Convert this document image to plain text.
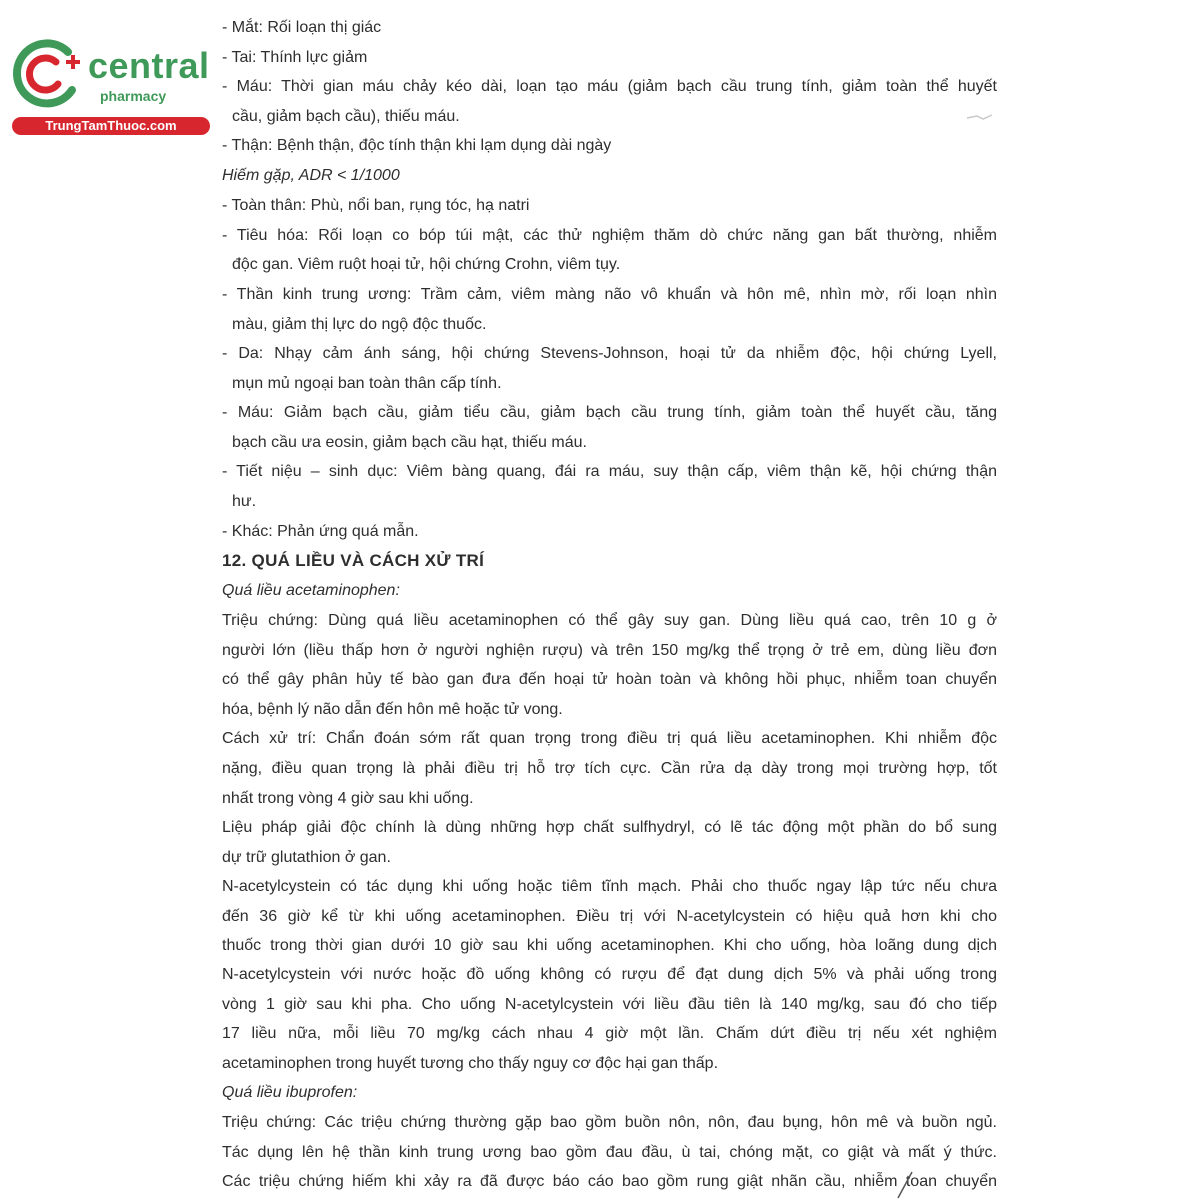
central
pharmacy
TrungTamThuoc.com
- Mắt: Rối loạn thị giác
- Tai: Thính lực giảm
- Máu: Thời gian máu chảy kéo dài, loạn tạo máu (giảm bạch cầu trung tính, giảm toàn thể huyết
cầu, giảm bạch cầu), thiếu máu.
- Thận: Bệnh thận, độc tính thận khi lạm dụng dài ngày
Hiếm gặp, ADR < 1/1000
- Toàn thân: Phù, nổi ban, rụng tóc, hạ natri
- Tiêu hóa: Rối loạn co bóp túi mật, các thử nghiệm thăm dò chức năng gan bất thường, nhiễm
độc gan. Viêm ruột hoại tử, hội chứng Crohn, viêm tụy.
- Thần kinh trung ương: Trầm cảm, viêm màng não vô khuẩn và hôn mê, nhìn mờ, rối loạn nhìn
màu, giảm thị lực do ngộ độc thuốc.
- Da: Nhạy cảm ánh sáng, hội chứng Stevens-Johnson, hoại tử da nhiễm độc, hội chứng Lyell,
mụn mủ ngoại ban toàn thân cấp tính.
- Máu: Giảm bạch cầu, giảm tiểu cầu, giảm bạch cầu trung tính, giảm toàn thể huyết cầu, tăng
bạch cầu ưa eosin, giảm bạch cầu hạt, thiếu máu.
- Tiết niệu – sinh dục: Viêm bàng quang, đái ra máu, suy thận cấp, viêm thận kẽ, hội chứng thận
hư.
- Khác: Phản ứng quá mẫn.
12. QUÁ LIỀU VÀ CÁCH XỬ TRÍ
Quá liều acetaminophen:
Triệu chứng: Dùng quá liều acetaminophen có thể gây suy gan. Dùng liều quá cao, trên 10 g ở
người lớn (liều thấp hơn ở người nghiện rượu) và trên 150 mg/kg thể trọng ở trẻ em, dùng liều đơn
có thể gây phân hủy tế bào gan đưa đến hoại tử hoàn toàn và không hồi phục, nhiễm toan chuyển
hóa, bệnh lý não dẫn đến hôn mê hoặc tử vong.
Cách xử trí: Chẩn đoán sớm rất quan trọng trong điều trị quá liều acetaminophen. Khi nhiễm độc
nặng, điều quan trọng là phải điều trị hỗ trợ tích cực. Cần rửa dạ dày trong mọi trường hợp, tốt
nhất trong vòng 4 giờ sau khi uống.
Liệu pháp giải độc chính là dùng những hợp chất sulfhydryl, có lẽ tác động một phần do bổ sung
dự trữ glutathion ở gan.
N-acetylcystein có tác dụng khi uống hoặc tiêm tĩnh mạch. Phải cho thuốc ngay lập tức nếu chưa
đến 36 giờ kể từ khi uống acetaminophen. Điều trị với N-acetylcystein có hiệu quả hơn khi cho
thuốc trong thời gian dưới 10 giờ sau khi uống acetaminophen. Khi cho uống, hòa loãng dung dịch
N-acetylcystein với nước hoặc đồ uống không có rượu để đạt dung dịch 5% và phải uống trong
vòng 1 giờ sau khi pha. Cho uống N-acetylcystein với liều đầu tiên là 140 mg/kg, sau đó cho tiếp
17 liều nữa, mỗi liều 70 mg/kg cách nhau 4 giờ một lần. Chấm dứt điều trị nếu xét nghiệm
acetaminophen trong huyết tương cho thấy nguy cơ độc hại gan thấp.
Quá liều ibuprofen:
Triệu chứng: Các triệu chứng thường gặp bao gồm buồn nôn, nôn, đau bụng, hôn mê và buồn ngủ.
Tác dụng lên hệ thần kinh trung ương bao gồm đau đầu, ù tai, chóng mặt, co giật và mất ý thức.
Các triệu chứng hiếm khi xảy ra đã được báo cáo bao gồm rung giật nhãn cầu, nhiễm toan chuyển
